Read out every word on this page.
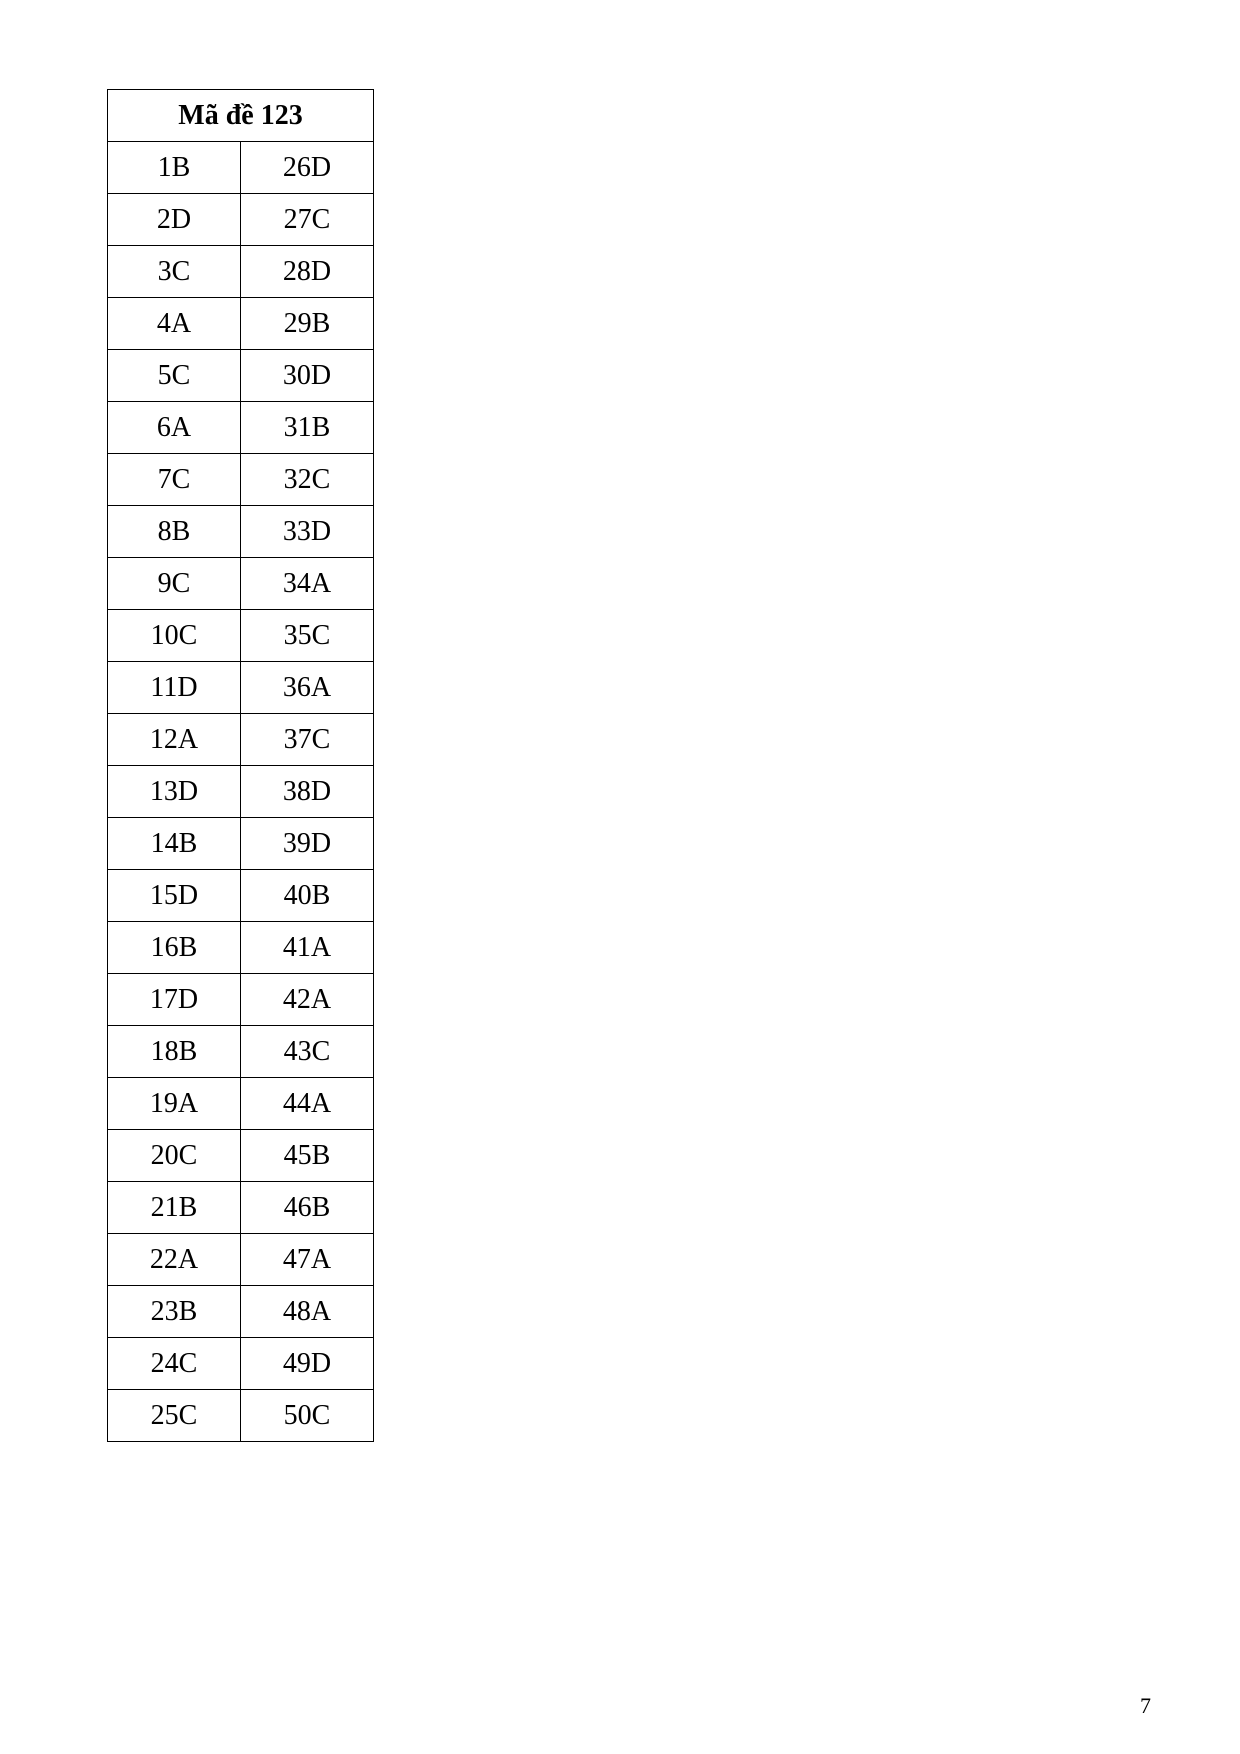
Mã đề 123	
1B	26D
2D	27C
3C	28D
4A	29B
5C	30D
6A	31B
7C	32C
8B	33D
9C	34A
10C	35C
11D	36A
12A	37C
13D	38D
14B	39D
15D	40B
16B	41A
17D	42A
18B	43C
19A	44A
20C	45B
21B	46B
22A	47A
23B	48A
24C	49D
25C	50C
7
